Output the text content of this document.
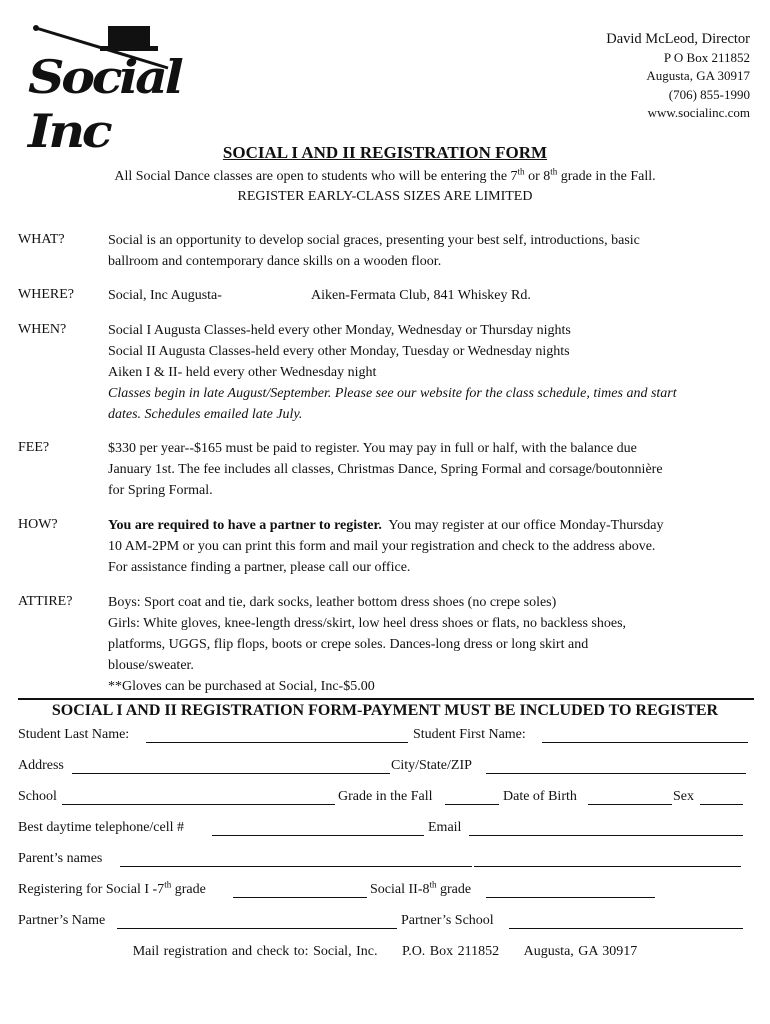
Social Inc
David McLeod, Director
P O Box 211852
Augusta, GA 30917
(706) 855-1990
www.socialinc.com
SOCIAL I AND II REGISTRATION FORM
All Social Dance classes are open to students who will be entering the 7th or 8th grade in the Fall.
REGISTER EARLY-CLASS SIZES ARE LIMITED
WHAT?	Social is an opportunity to develop social graces, presenting your best self, introductions, basic
ballroom and contemporary dance skills on a wooden floor.
WHERE? Social, Inc Augusta-	Aiken-Fermata Club, 841 Whiskey Rd.
WHEN?	Social I Augusta Classes-held every other Monday, Wednesday or Thursday nights
Social II Augusta Classes-held every other Monday, Tuesday or Wednesday nights
Aiken I & II- held every other Wednesday night
Classes begin in late August/September. Please see our website for the class schedule, times and start
dates. Schedules emailed late July.
FEE?	$330 per year--$165 must be paid to register. You may pay in full or half, with the balance due
January 1st. The fee includes all classes, Christmas Dance, Spring Formal and corsage/boutonnière
for Spring Formal.
HOW?	You are required to have a partner to register.  You may register at our office Monday-Thursday
10 AM-2PM or you can print this form and mail your registration and check to the address above.
For assistance finding a partner, please call our office.
ATTIRE?	Boys: Sport coat and tie, dark socks, leather bottom dress shoes (no crepe soles)
Girls: White gloves, knee-length dress/skirt, low heel dress shoes or flats, no backless shoes,
platforms, UGGS, flip flops, boots or crepe soles. Dances-long dress or long skirt and
blouse/sweater.
**Gloves can be purchased at Social, Inc-$5.00
SOCIAL I AND II REGISTRATION FORM-PAYMENT MUST BE INCLUDED TO REGISTER
Student Last Name:	Student First Name:
Address	City/State/ZIP
School	Grade in the Fall	Date of Birth	Sex
Best daytime telephone/cell #	Email
Parent’s names
Registering for Social I -7th grade	Social II-8th grade
Partner’s Name	Partner’s School
Mail registration and check to: Social, Inc. P.O. Box 211852 Augusta, GA 30917
